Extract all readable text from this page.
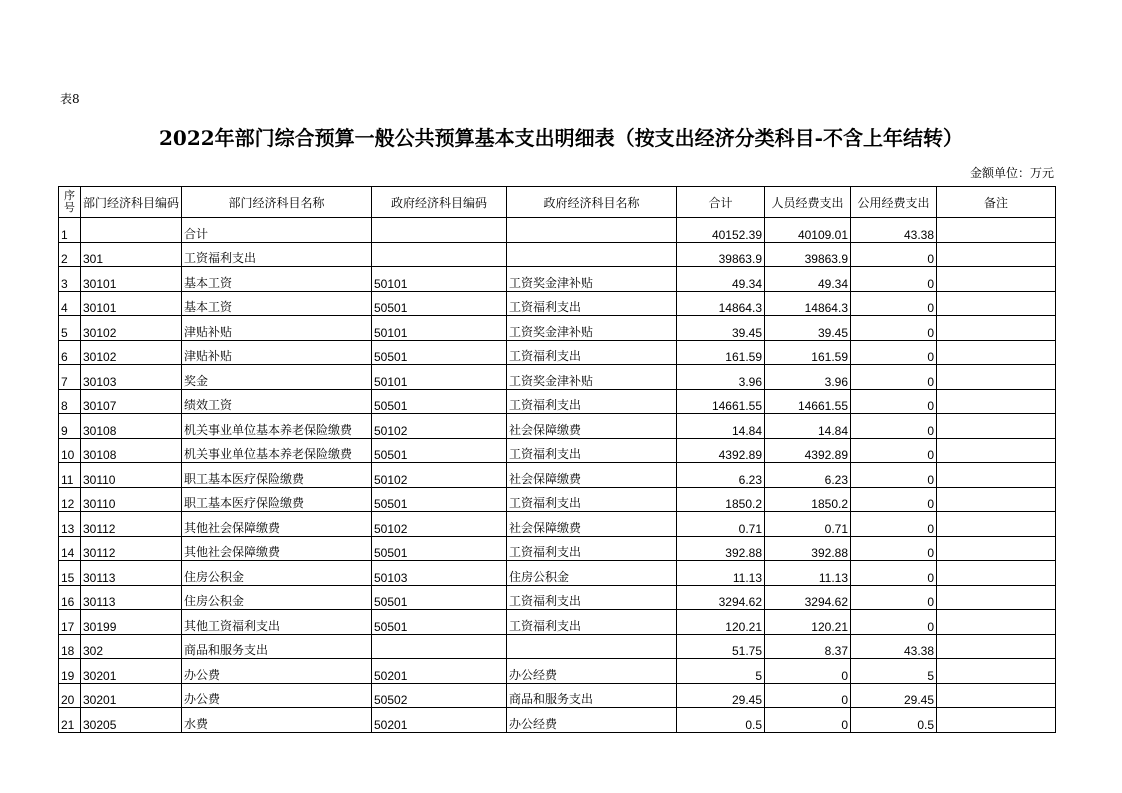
表8
2022年部门综合预算一般公共预算基本支出明细表（按支出经济分类科目-不含上年结转）
金额单位：万元
序号	部门经济科目编码	部门经济科目名称	政府经济科目编码	政府经济科目名称	合计	人员经费支出	公用经费支出	备注
1		合计			40152.39	40109.01	43.38	
2	301	工资福利支出			39863.9	39863.9	0	
3	30101	基本工资	50101	工资奖金津补贴	49.34	49.34	0	
4	30101	基本工资	50501	工资福利支出	14864.3	14864.3	0	
5	30102	津贴补贴	50101	工资奖金津补贴	39.45	39.45	0	
6	30102	津贴补贴	50501	工资福利支出	161.59	161.59	0	
7	30103	奖金	50101	工资奖金津补贴	3.96	3.96	0	
8	30107	绩效工资	50501	工资福利支出	14661.55	14661.55	0	
9	30108	机关事业单位基本养老保险缴费	50102	社会保障缴费	14.84	14.84	0	
10	30108	机关事业单位基本养老保险缴费	50501	工资福利支出	4392.89	4392.89	0	
11	30110	职工基本医疗保险缴费	50102	社会保障缴费	6.23	6.23	0	
12	30110	职工基本医疗保险缴费	50501	工资福利支出	1850.2	1850.2	0	
13	30112	其他社会保障缴费	50102	社会保障缴费	0.71	0.71	0	
14	30112	其他社会保障缴费	50501	工资福利支出	392.88	392.88	0	
15	30113	住房公积金	50103	住房公积金	11.13	11.13	0	
16	30113	住房公积金	50501	工资福利支出	3294.62	3294.62	0	
17	30199	其他工资福利支出	50501	工资福利支出	120.21	120.21	0	
18	302	商品和服务支出			51.75	8.37	43.38	
19	30201	办公费	50201	办公经费	5	0	5	
20	30201	办公费	50502	商品和服务支出	29.45	0	29.45	
21	30205	水费	50201	办公经费	0.5	0	0.5	
